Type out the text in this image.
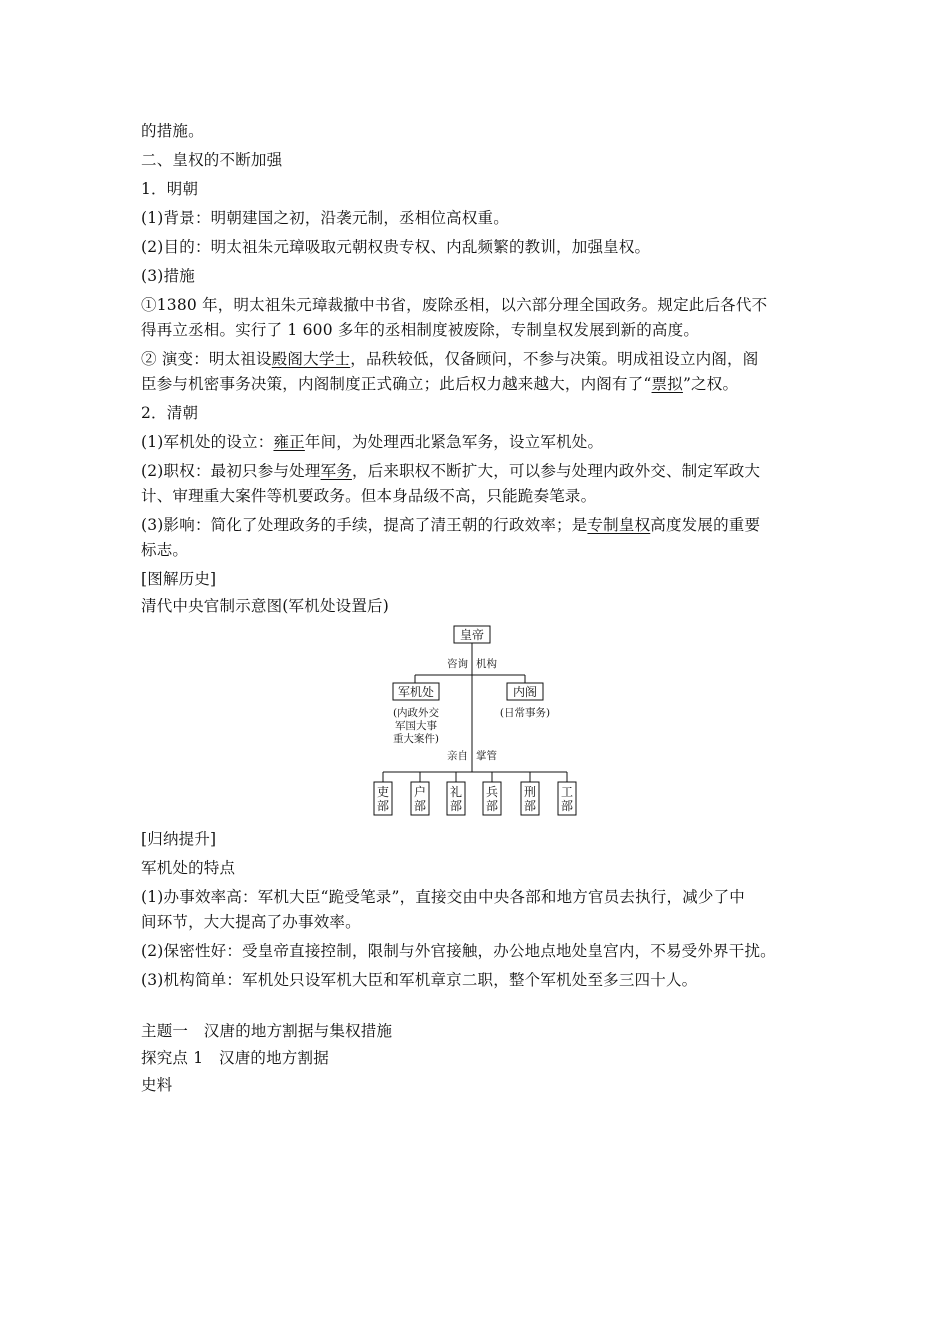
的措施。
二、皇权的不断加强
1．明朝
(1)背景：明朝建国之初，沿袭元制，丞相位高权重。
(2)目的：明太祖朱元璋吸取元朝权贵专权、内乱频繁的教训，加强皇权。
(3)措施
①1380 年，明太祖朱元璋裁撤中书省，废除丞相，以六部分理全国政务。规定此后各代不
得再立丞相。实行了 1 600 多年的丞相制度被废除，专制皇权发展到新的高度。
② 演变：明太祖设殿阁大学士，品秩较低，仅备顾问，不参与决策。明成祖设立内阁，阁
臣参与机密事务决策，内阁制度正式确立；此后权力越来越大，内阁有了“票拟”之权。
2．清朝
(1)军机处的设立：雍正年间，为处理西北紧急军务，设立军机处。
(2)职权：最初只参与处理军务，后来职权不断扩大，可以参与处理内政外交、制定军政大
计、审理重大案件等机要政务。但本身品级不高，只能跪奏笔录。
(3)影响：简化了处理政务的手续，提高了清王朝的行政效率；是专制皇权高度发展的重要
标志。
[图解历史]
清代中央官制示意图(军机处设置后)
吏
部
户
部
礼
部
兵
部
刑
部
工
部
皇帝
咨询 机构
军机处	内阁
(内政外交
军国大事
重大案件)
(日常事务)
亲自 掌管
[归纳提升]
军机处的特点
(1)办事效率高：军机大臣“跪受笔录”，直接交由中央各部和地方官员去执行，减少了中
间环节，大大提高了办事效率。
(2)保密性好：受皇帝直接控制，限制与外官接触，办公地点地处皇宫内，不易受外界干扰。
(3)机构简单：军机处只设军机大臣和军机章京二职，整个军机处至多三四十人。
主题一　汉唐的地方割据与集权措施
探究点 1　汉唐的地方割据
史料
